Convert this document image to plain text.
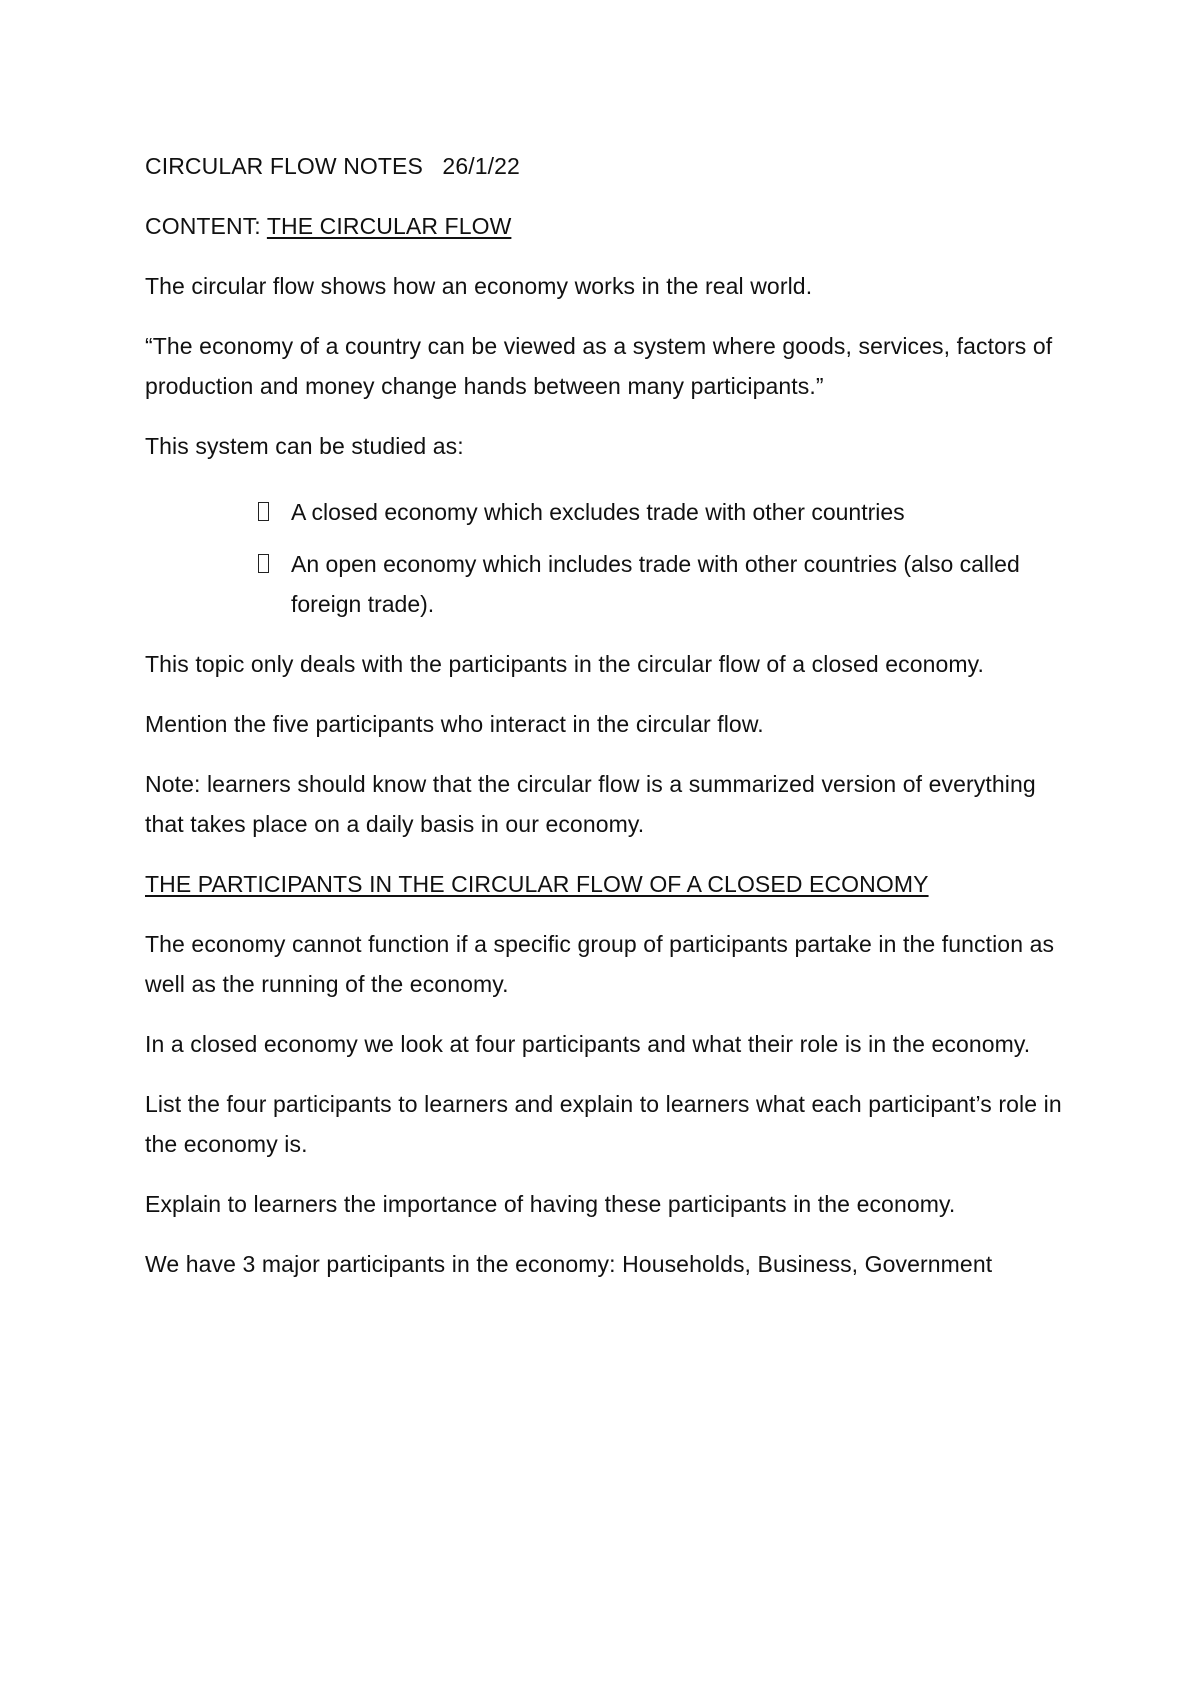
CIRCULAR FLOW NOTES 26/1/22

CONTENT: THE CIRCULAR FLOW

The circular flow shows how an economy works in the real world.

“The economy of a country can be viewed as a system where goods, services, factors of production and money change hands between many participants.”

This system can be studied as:

A closed economy which excludes trade with other countries
An open economy which includes trade with other countries (also called foreign trade).

This topic only deals with the participants in the circular flow of a closed economy.

Mention the five participants who interact in the circular flow.

Note: learners should know that the circular flow is a summarized version of everything that takes place on a daily basis in our economy.

THE PARTICIPANTS IN THE CIRCULAR FLOW OF A CLOSED ECONOMY

The economy cannot function if a specific group of participants partake in the function as well as the running of the economy.

In a closed economy we look at four participants and what their role is in the economy.

List the four participants to learners and explain to learners what each participant’s role in the economy is.

Explain to learners the importance of having these participants in the economy.

We have 3 major participants in the economy: Households, Business, Government
